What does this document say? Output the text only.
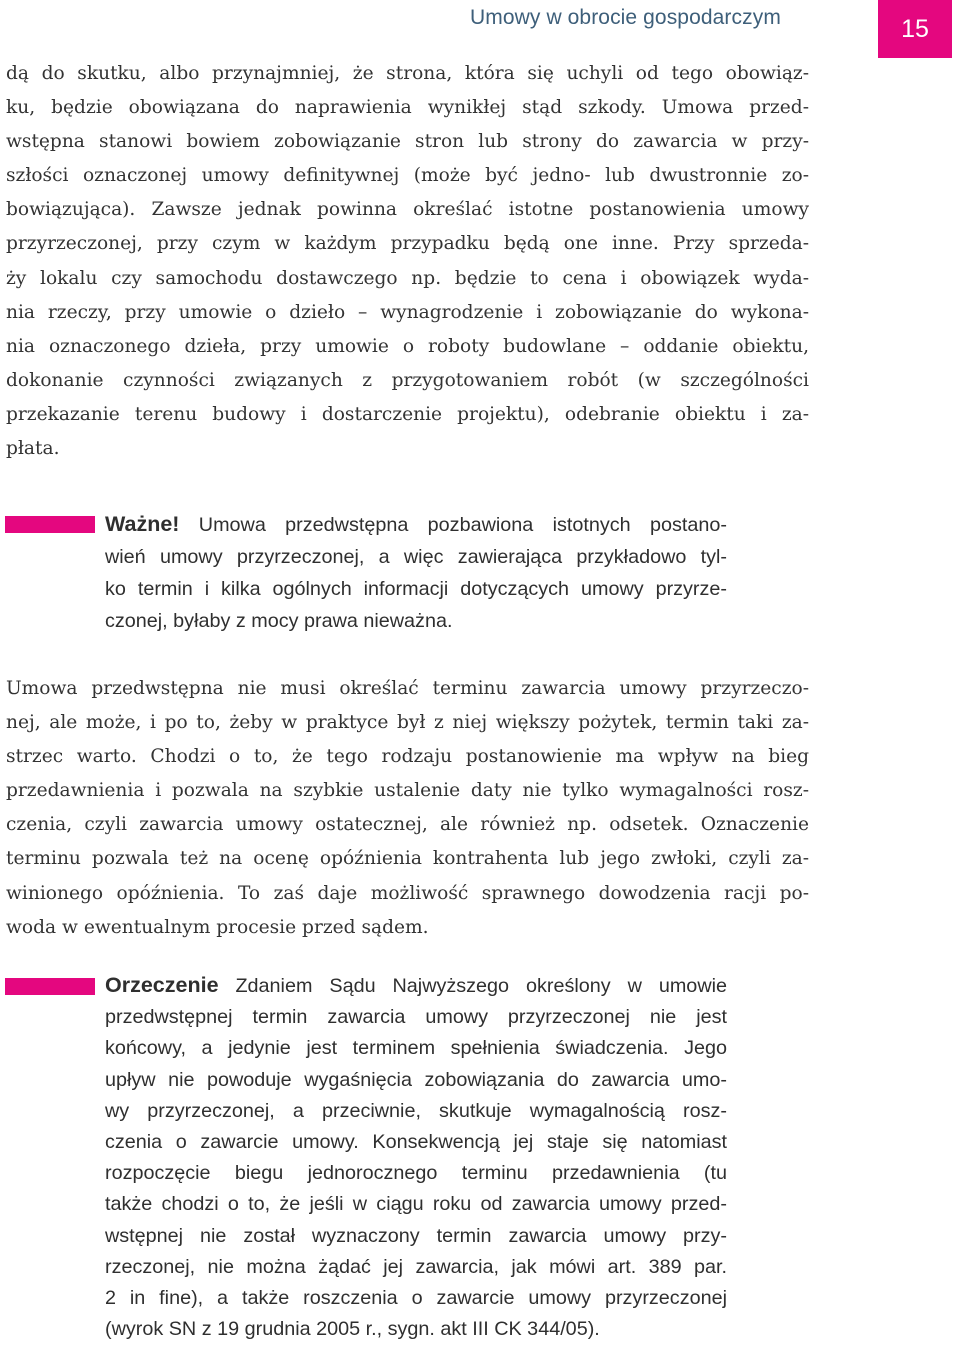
Umowy w obrocie gospodarczym	15
dą do skutku, albo przynajmniej, że strona, która się uchyli od tego obowiąz-
ku, będzie obowiązana do naprawienia wynikłej stąd szkody. Umowa przed-
wstępna stanowi bowiem zobowiązanie stron lub strony do zawarcia w przy-
szłości oznaczonej umowy definitywnej (może być jedno- lub dwustronnie zo-
bowiązująca). Zawsze jednak powinna określać istotne postanowienia umowy
przyrzeczonej, przy czym w każdym przypadku będą one inne. Przy sprzeda-
ży lokalu czy samochodu dostawczego np. będzie to cena i obowiązek wyda-
nia rzeczy, przy umowie o dzieło – wynagrodzenie i zobowiązanie do wykona-
nia oznaczonego dzieła, przy umowie o roboty budowlane – oddanie obiektu,
dokonanie czynności związanych z przygotowaniem robót (w szczególności
przekazanie terenu budowy i dostarczenie projektu), odebranie obiektu i za-
płata.
Ważne! Umowa przedwstępna pozbawiona istotnych postano-
wień umowy przyrzeczonej, a więc zawierająca przykładowo tyl-
ko termin i kilka ogólnych informacji dotyczących umowy przyrze-
czonej, byłaby z mocy prawa nieważna.
Umowa przedwstępna nie musi określać terminu zawarcia umowy przyrzeczo-
nej, ale może, i po to, żeby w praktyce był z niej większy pożytek, termin taki za-
strzec warto. Chodzi o to, że tego rodzaju postanowienie ma wpływ na bieg
przedawnienia i pozwala na szybkie ustalenie daty nie tylko wymagalności rosz-
czenia, czyli zawarcia umowy ostatecznej, ale również np. odsetek. Oznaczenie
terminu pozwala też na ocenę opóźnienia kontrahenta lub jego zwłoki, czyli za-
winionego opóźnienia. To zaś daje możliwość sprawnego dowodzenia racji po-
woda w ewentualnym procesie przed sądem.
Orzeczenie Zdaniem Sądu Najwyższego określony w umowie
przedwstępnej termin zawarcia umowy przyrzeczonej nie jest
końcowy, a jedynie jest terminem spełnienia świadczenia. Jego
upływ nie powoduje wygaśnięcia zobowiązania do zawarcia umo-
wy przyrzeczonej, a przeciwnie, skutkuje wymagalnością rosz-
czenia o zawarcie umowy. Konsekwencją jej staje się natomiast
rozpoczęcie biegu jednorocznego terminu przedawnienia (tu
także chodzi o to, że jeśli w ciągu roku od zawarcia umowy przed-
wstępnej nie został wyznaczony termin zawarcia umowy przy-
rzeczonej, nie można żądać jej zawarcia, jak mówi art. 389 par.
2 in fine), a także roszczenia o zawarcie umowy przyrzeczonej
(wyrok SN z 19 grudnia 2005 r., sygn. akt III CK 344/05).
